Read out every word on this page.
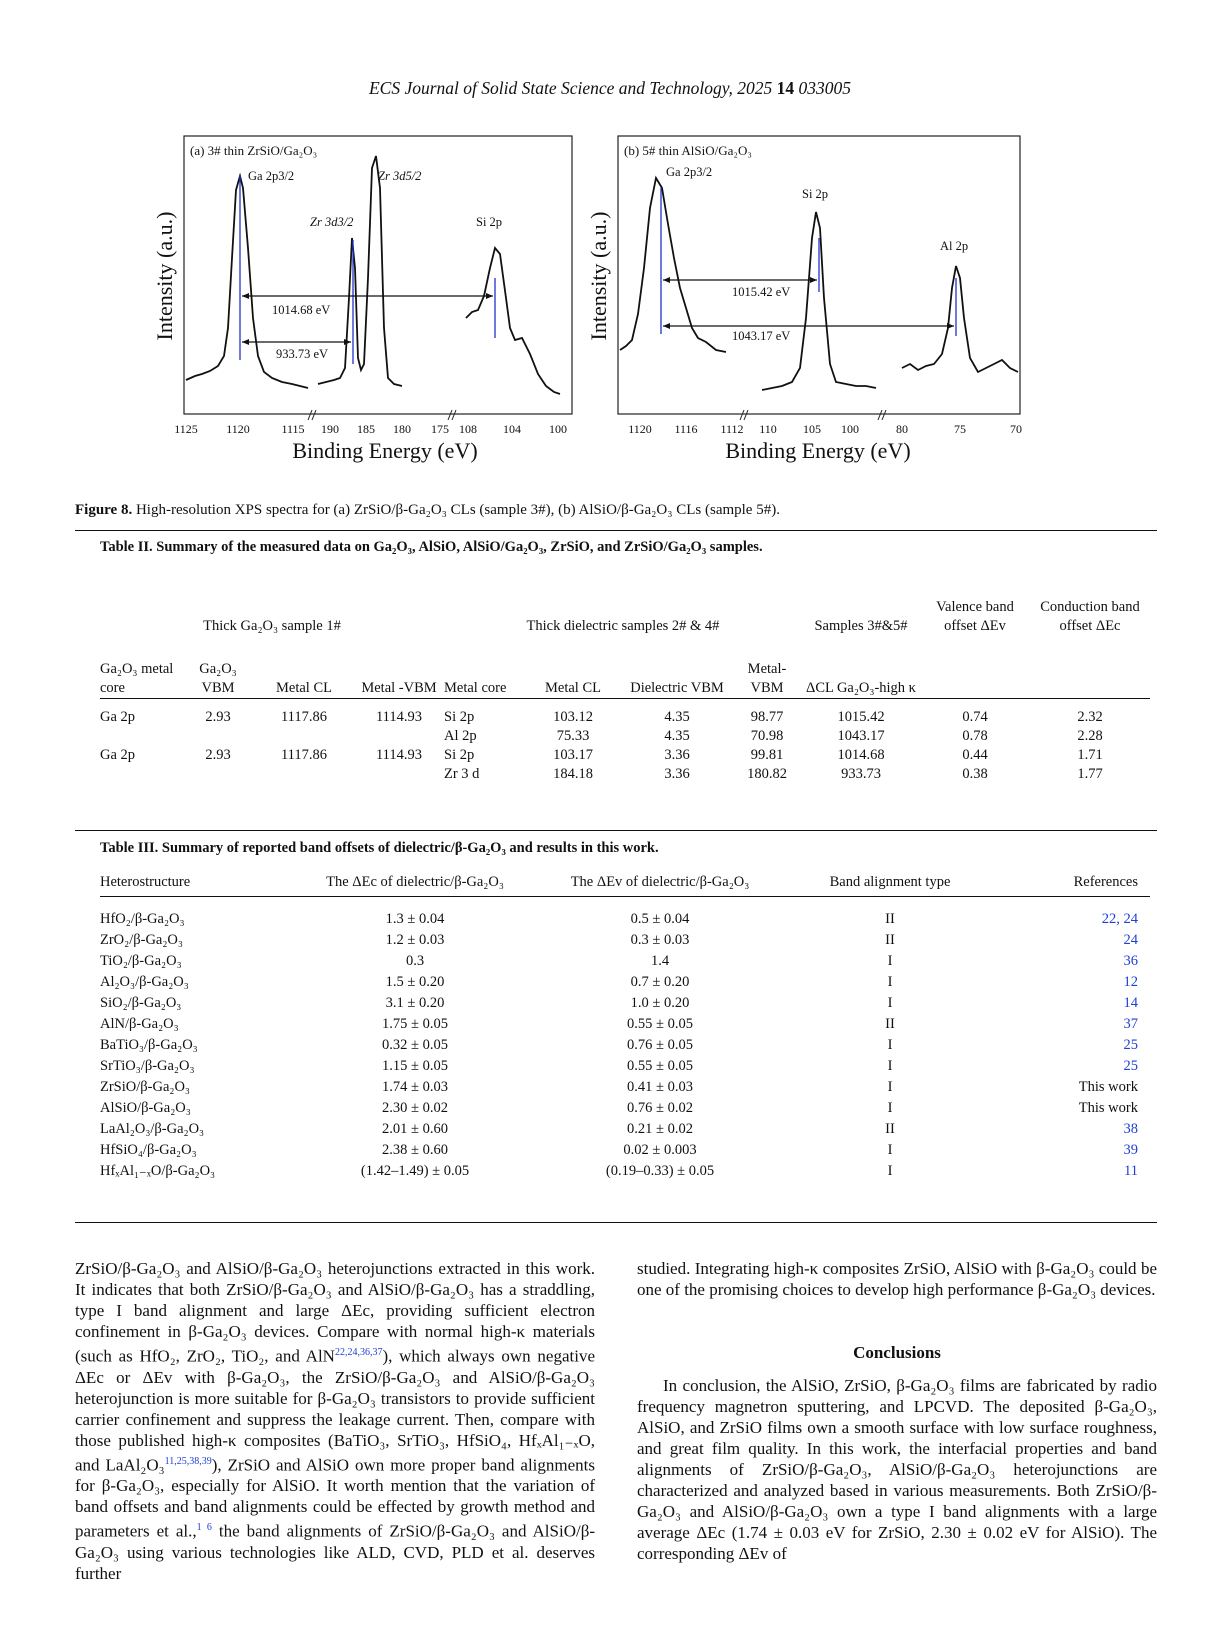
ECS Journal of Solid State Science and Technology, 2025 14 033005
(a) 3# thin ZrSiO/Ga₂O₃
Intensity (a.u.)
Binding Energy (eV)
1125 1120	1115 190 185 180 175 108 104 100
1014.68 eV
933.73 eV
Ga 2p3/2	Zr 3d5/2
Zr 3d3/2	Si 2p
(b) 5# thin AlSiO/Ga₂O₃
Intensity (a.u.)
Binding Energy (eV)
1120 1116 1112 110 105 100	80	75	70
1015.42 eV
1043.17 eV
Ga 2p3/2
Si 2p
Al 2p
Figure 8. High-resolution XPS spectra for (a) ZrSiO/β-Ga₂O₃ CLs (sample 3#), (b) AlSiO/β-Ga₂O₃ CLs (sample 5#).
Table II. Summary of the measured data on Ga₂O₃, AlSiO, AlSiO/Ga₂O₃, ZrSiO, and ZrSiO/Ga₂O₃ samples.
Thick Ga₂O₃ sample 1#				Thick dielectric samples 2# & 4#				Samples 3#&5#	Valence band offset ΔEv	Conduction band offset ΔEc
Ga₂O₃ metal core	Ga₂O₃ VBM	Metal CL	Metal -VBM	Metal core	Metal CL	Dielectric VBM	Metal- VBM	ΔCL Ga₂O₃-high κ		

Ga 2p	2.93	1117.86	1114.93	Si 2p	103.12	4.35	98.77	1015.42	0.74	2.32
				Al 2p	75.33	4.35	70.98	1043.17	0.78	2.28
Ga 2p	2.93	1117.86	1114.93	Si 2p	103.17	3.36	99.81	1014.68	0.44	1.71
				Zr 3 d	184.18	3.36	180.82	933.73	0.38	1.77
Table III. Summary of reported band offsets of dielectric/β-Ga₂O₃ and results in this work.
Heterostructure	The ΔEc of dielectric/β-Ga₂O₃	The ΔEv of dielectric/β-Ga₂O₃	Band alignment type	References

HfO₂/β-Ga₂O₃	1.3 ± 0.04	0.5 ± 0.04	II	22, 24
ZrO₂/β-Ga₂O₃	1.2 ± 0.03	0.3 ± 0.03	II	24
TiO₂/β-Ga₂O₃	0.3	1.4	I	36
Al₂O₃/β-Ga₂O₃	1.5 ± 0.20	0.7 ± 0.20	I	12
SiO₂/β-Ga₂O₃	3.1 ± 0.20	1.0 ± 0.20	I	14
AlN/β-Ga₂O₃	1.75 ± 0.05	0.55 ± 0.05	II	37
BaTiO₃/β-Ga₂O₃	0.32 ± 0.05	0.76 ± 0.05	I	25
SrTiO₃/β-Ga₂O₃	1.15 ± 0.05	0.55 ± 0.05	I	25
ZrSiO/β-Ga₂O₃	1.74 ± 0.03	0.41 ± 0.03	I	This work
AlSiO/β-Ga₂O₃	2.30 ± 0.02	0.76 ± 0.02	I	This work
LaAl₂O₃/β-Ga₂O₃	2.01 ± 0.60	0.21 ± 0.02	II	38
HfSiO₄/β-Ga₂O₃	2.38 ± 0.60	0.02 ± 0.003	I	39
HfₓAl₁₋ₓO/β-Ga₂O₃	(1.42–1.49) ± 0.05	(0.19–0.33) ± 0.05	I	11

ZrSiO/β-Ga₂O₃ and AlSiO/β-Ga₂O₃ heterojunctions extracted in this work. It indicates that both ZrSiO/β-Ga₂O₃ and AlSiO/β-Ga₂O₃ has a straddling, type I band alignment and large ΔEc, providing sufficient electron confinement in β-Ga₂O₃ devices. Compare with normal high-κ materials (such as HfO₂, ZrO₂, TiO₂, and AlN$^{22,24,36,37}$), which always own negative ΔEc or ΔEv with β-Ga₂O₃, the ZrSiO/β-Ga₂O₃ and AlSiO/β-Ga₂O₃ heterojunction is more suitable for β-Ga₂O₃ transistors to provide sufficient carrier confinement and suppress the leakage current. Then, compare with those published high-κ composites (BaTiO₃, SrTiO₃, HfSiO₄, HfₓAl₁₋ₓO, and LaAl₂O₃$^{11,25,38,39}$), ZrSiO and AlSiO own more proper band alignments for β-Ga₂O₃, especially for AlSiO. It worth mention that the variation of band offsets and band alignments could be effected by growth method and parameters et al.,$^{1 6}$ the band alignments of ZrSiO/β-Ga₂O₃ and AlSiO/β-Ga₂O₃ using various technologies like ALD, CVD, PLD et al. deserves further

studied. Integrating high-κ composites ZrSiO, AlSiO with β-Ga₂O₃ could be one of the promising choices to develop high performance β-Ga₂O₃ devices.

Conclusions

In conclusion, the AlSiO, ZrSiO, β-Ga₂O₃ films are fabricated by radio frequency magnetron sputtering, and LPCVD. The deposited β-Ga₂O₃, AlSiO, and ZrSiO films own a smooth surface with low surface roughness, and great film quality. In this work, the interfacial properties and band alignments of ZrSiO/β-Ga₂O₃, AlSiO/β-Ga₂O₃ heterojunctions are characterized and analyzed based in various measurements. Both ZrSiO/β-Ga₂O₃ and AlSiO/β-Ga₂O₃ own a type I band alignments with a large average ΔEc (1.74 ± 0.03 eV for ZrSiO, 2.30 ± 0.02 eV for AlSiO). The corresponding ΔEv of
